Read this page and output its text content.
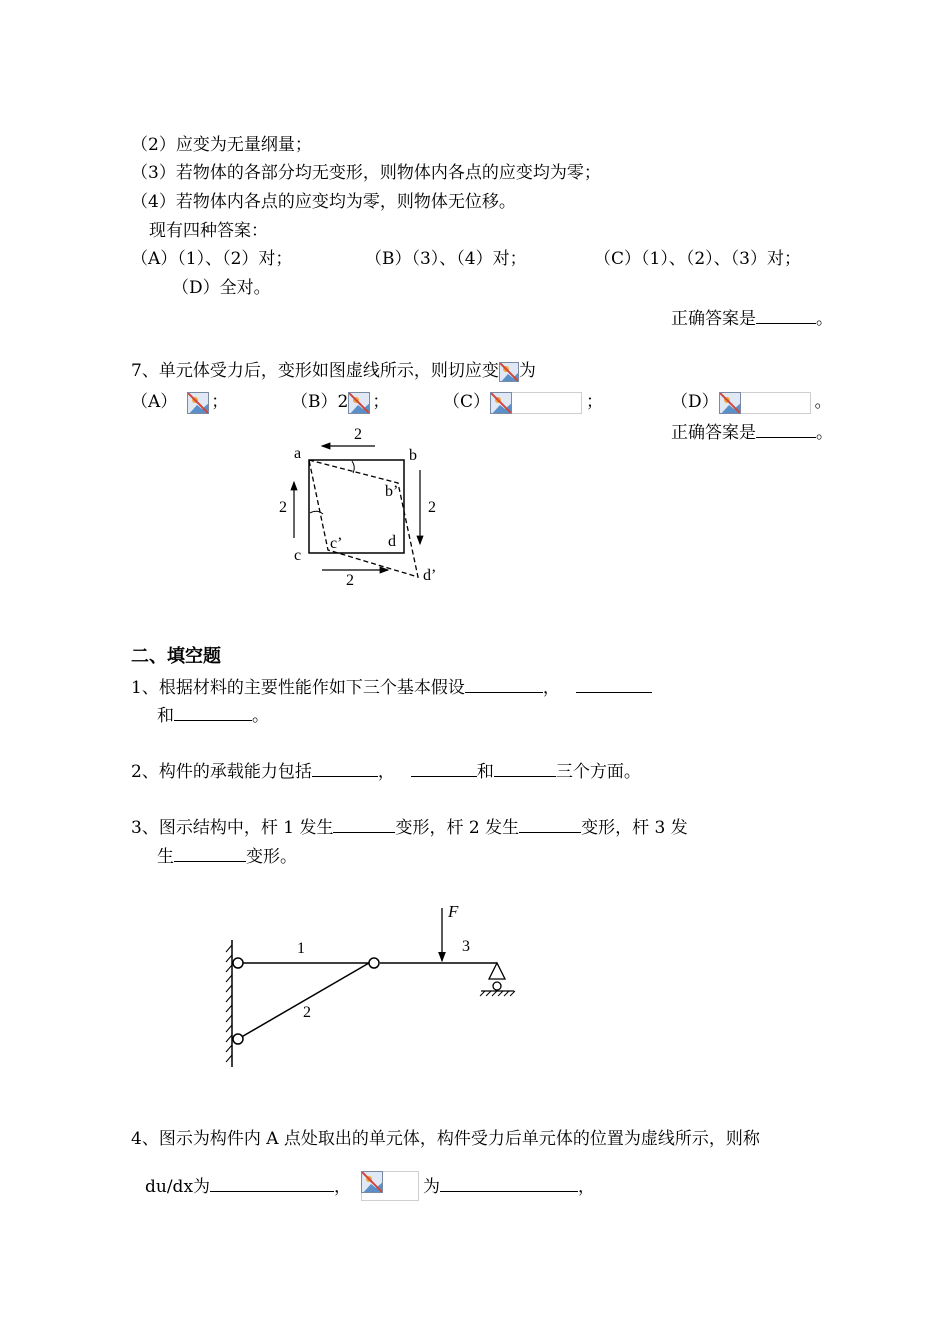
（2）应变为无量纲量；
（3）若物体的各部分均无变形，则物体内各点的应变均为零；
（4）若物体内各点的应变均为零，则物体无位移。
现有四种答案：
（A）（1）、（2）对；	（B）（3）、（4）对；	（C）（1）、（2）、（3）对；
（D）全对。
正确答案是	。
7、单元体受力后，变形如图虚线所示，则切应变 为
（A） ；	（B）2 ；	（C）	；	（D）	。
正确答案是	。
a	b
c
d
b’
c’
d’
2
2	2
2
二、填空题
1、根据材料的主要性能作如下三个基本假设	，
和	。
2、构件的承载能力包括	，	和	三个方面。
3、图示结构中，杆 1 发生	变形，杆 2 发生	变形，杆 3 发
生	变形。
F
1
2
3
4、图示为构件内 A 点处取出的单元体，构件受力后单元体的位置为虚线所示，则称
du/dx为	，	为	，
